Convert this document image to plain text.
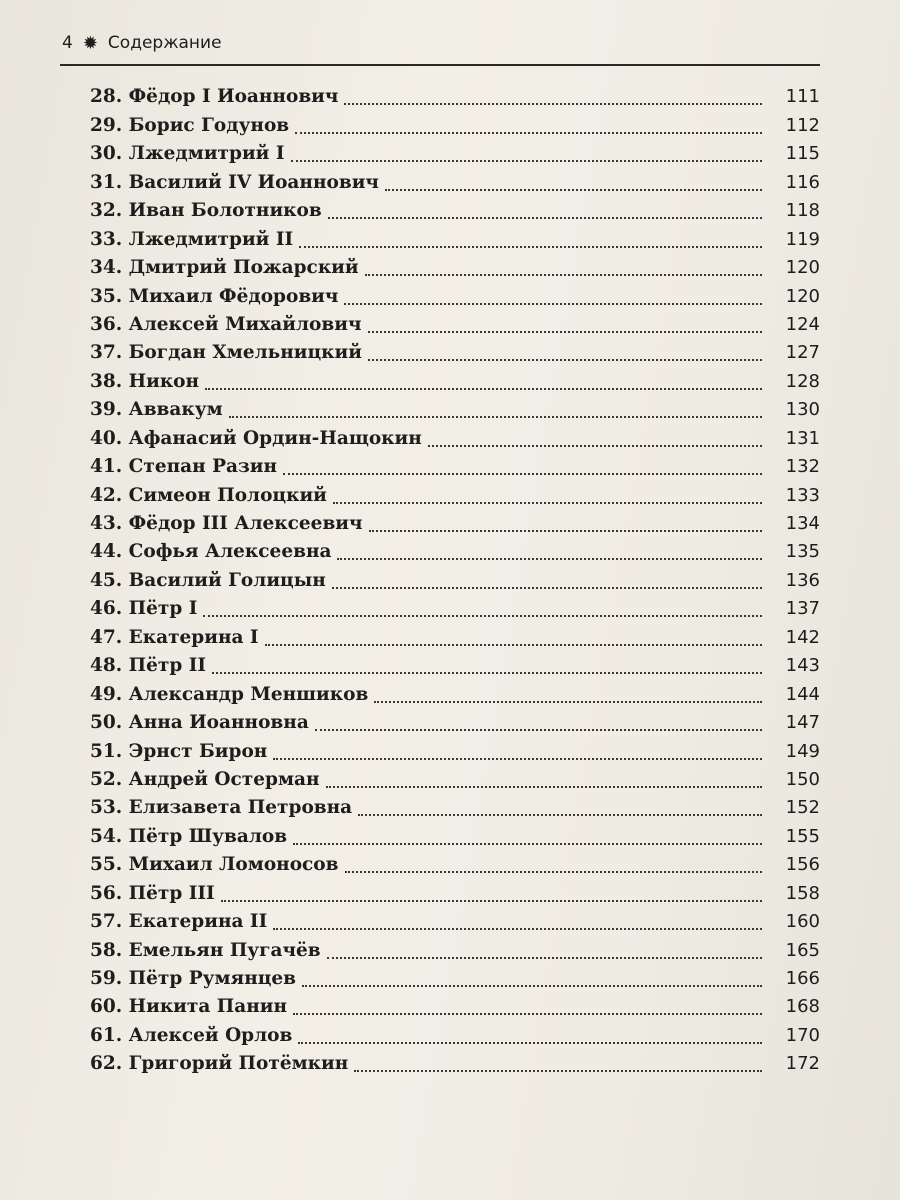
4 ✹ Содержание
28. Фёдор I Иоаннович	111
29. Борис Годунов	112
30. Лжедмитрий I	115
31. Василий IV Иоаннович	116
32. Иван Болотников	118
33. Лжедмитрий II	119
34. Дмитрий Пожарский	120
35. Михаил Фёдорович	120
36. Алексей Михайлович	124
37. Богдан Хмельницкий	127
38. Никон	128
39. Аввакум	130
40. Афанасий Ордин-Нащокин	131
41. Степан Разин	132
42. Симеон Полоцкий	133
43. Фёдор III Алексеевич	134
44. Софья Алексеевна	135
45. Василий Голицын	136
46. Пётр I	137
47. Екатерина I	142
48. Пётр II	143
49. Александр Меншиков	144
50. Анна Иоанновна	147
51. Эрнст Бирон	149
52. Андрей Остерман	150
53. Елизавета Петровна	152
54. Пётр Шувалов	155
55. Михаил Ломоносов	156
56. Пётр III	158
57. Екатерина II	160
58. Емельян Пугачёв	165
59. Пётр Румянцев	166
60. Никита Панин	168
61. Алексей Орлов	170
62. Григорий Потёмкин	172
